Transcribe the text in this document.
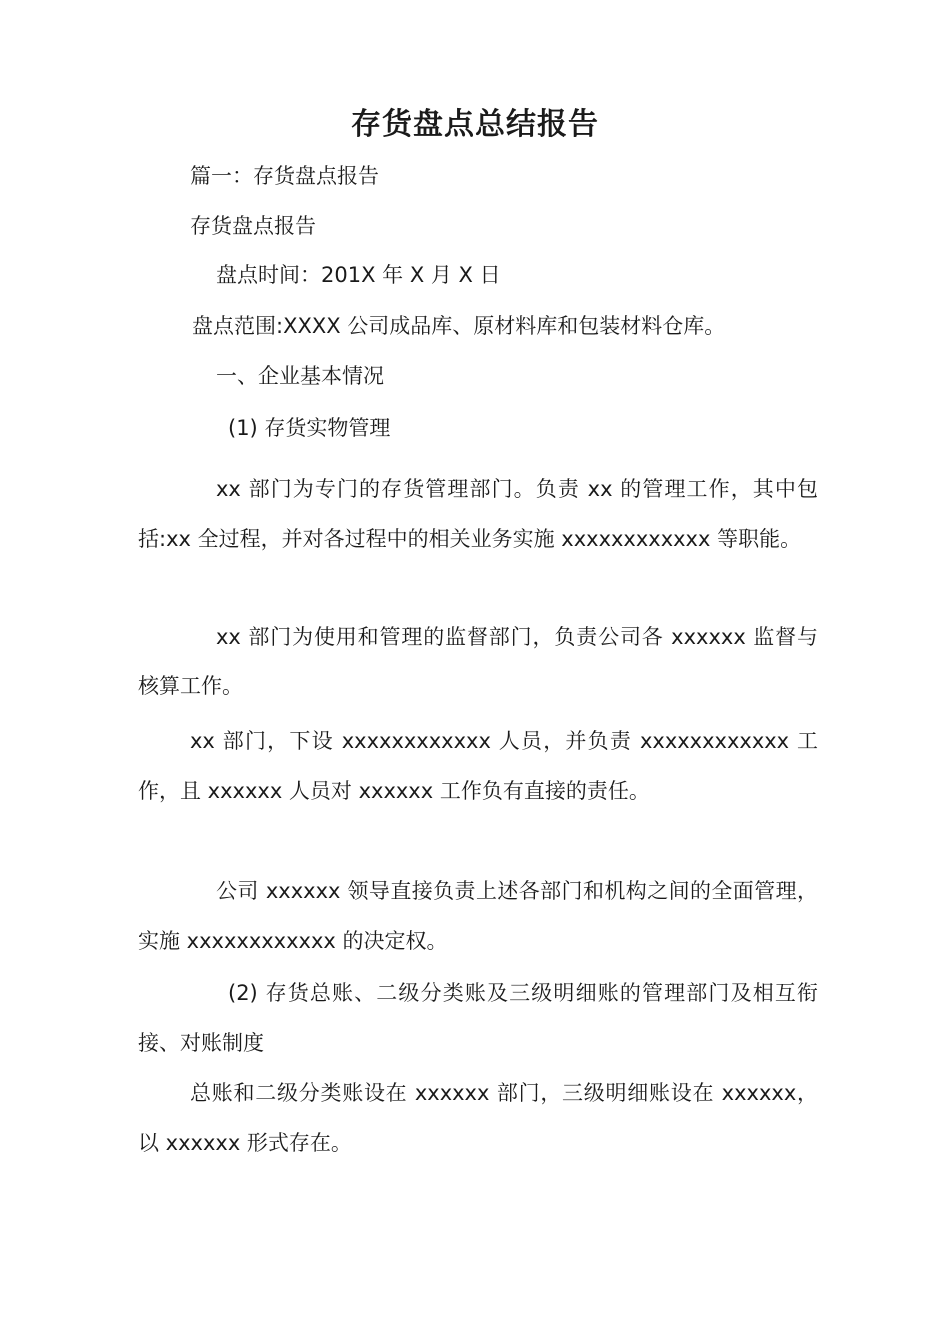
存货盘点总结报告

篇一：存货盘点报告

存货盘点报告

盘点时间：201X 年 X 月 X 日

盘点范围:XXXX 公司成品库、原材料库和包装材料仓库。

一、企业基本情况

(1) 存货实物管理

xx 部门为专门的存货管理部门。负责 xx 的管理工作，其中包括:xx 全过程，并对各过程中的相关业务实施 xxxxxxxxxxxx 等职能。

xx 部门为使用和管理的监督部门，负责公司各 xxxxxx 监督与核算工作。

xx 部门，下设 xxxxxxxxxxxx 人员，并负责 xxxxxxxxxxxx 工作，且 xxxxxx 人员对 xxxxxx 工作负有直接的责任。

公司 xxxxxx 领导直接负责上述各部门和机构之间的全面管理，实施 xxxxxxxxxxxx 的决定权。

(2) 存货总账、二级分类账及三级明细账的管理部门及相互衔接、对账制度

总账和二级分类账设在 xxxxxx 部门，三级明细账设在 xxxxxx，以 xxxxxx 形式存在。
